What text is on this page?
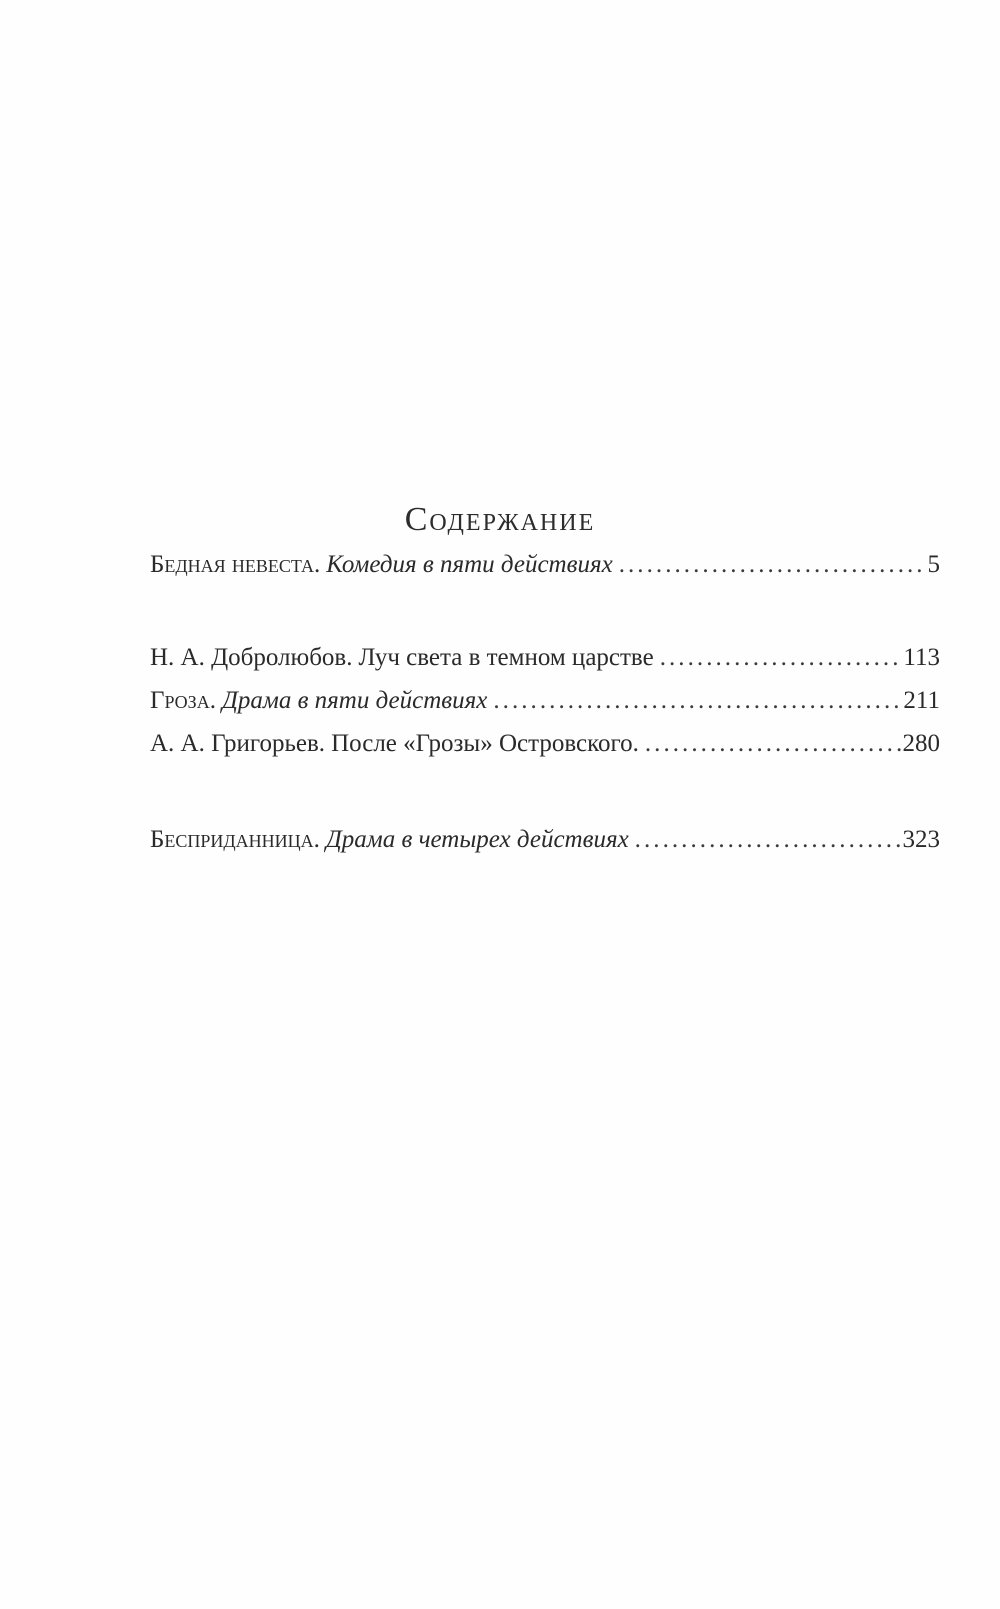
Содержание
Бедная невеста. Комедия в пяти действиях . . .	5
Н. А. Добролюбов. Луч света в темном царстве . . .	113
Гроза. Драма в пяти действиях . . .	211
А. А. Григорьев. После «Грозы» Островского. . . .	280
Бесприданница. Драма в четырех действиях . . .	323
